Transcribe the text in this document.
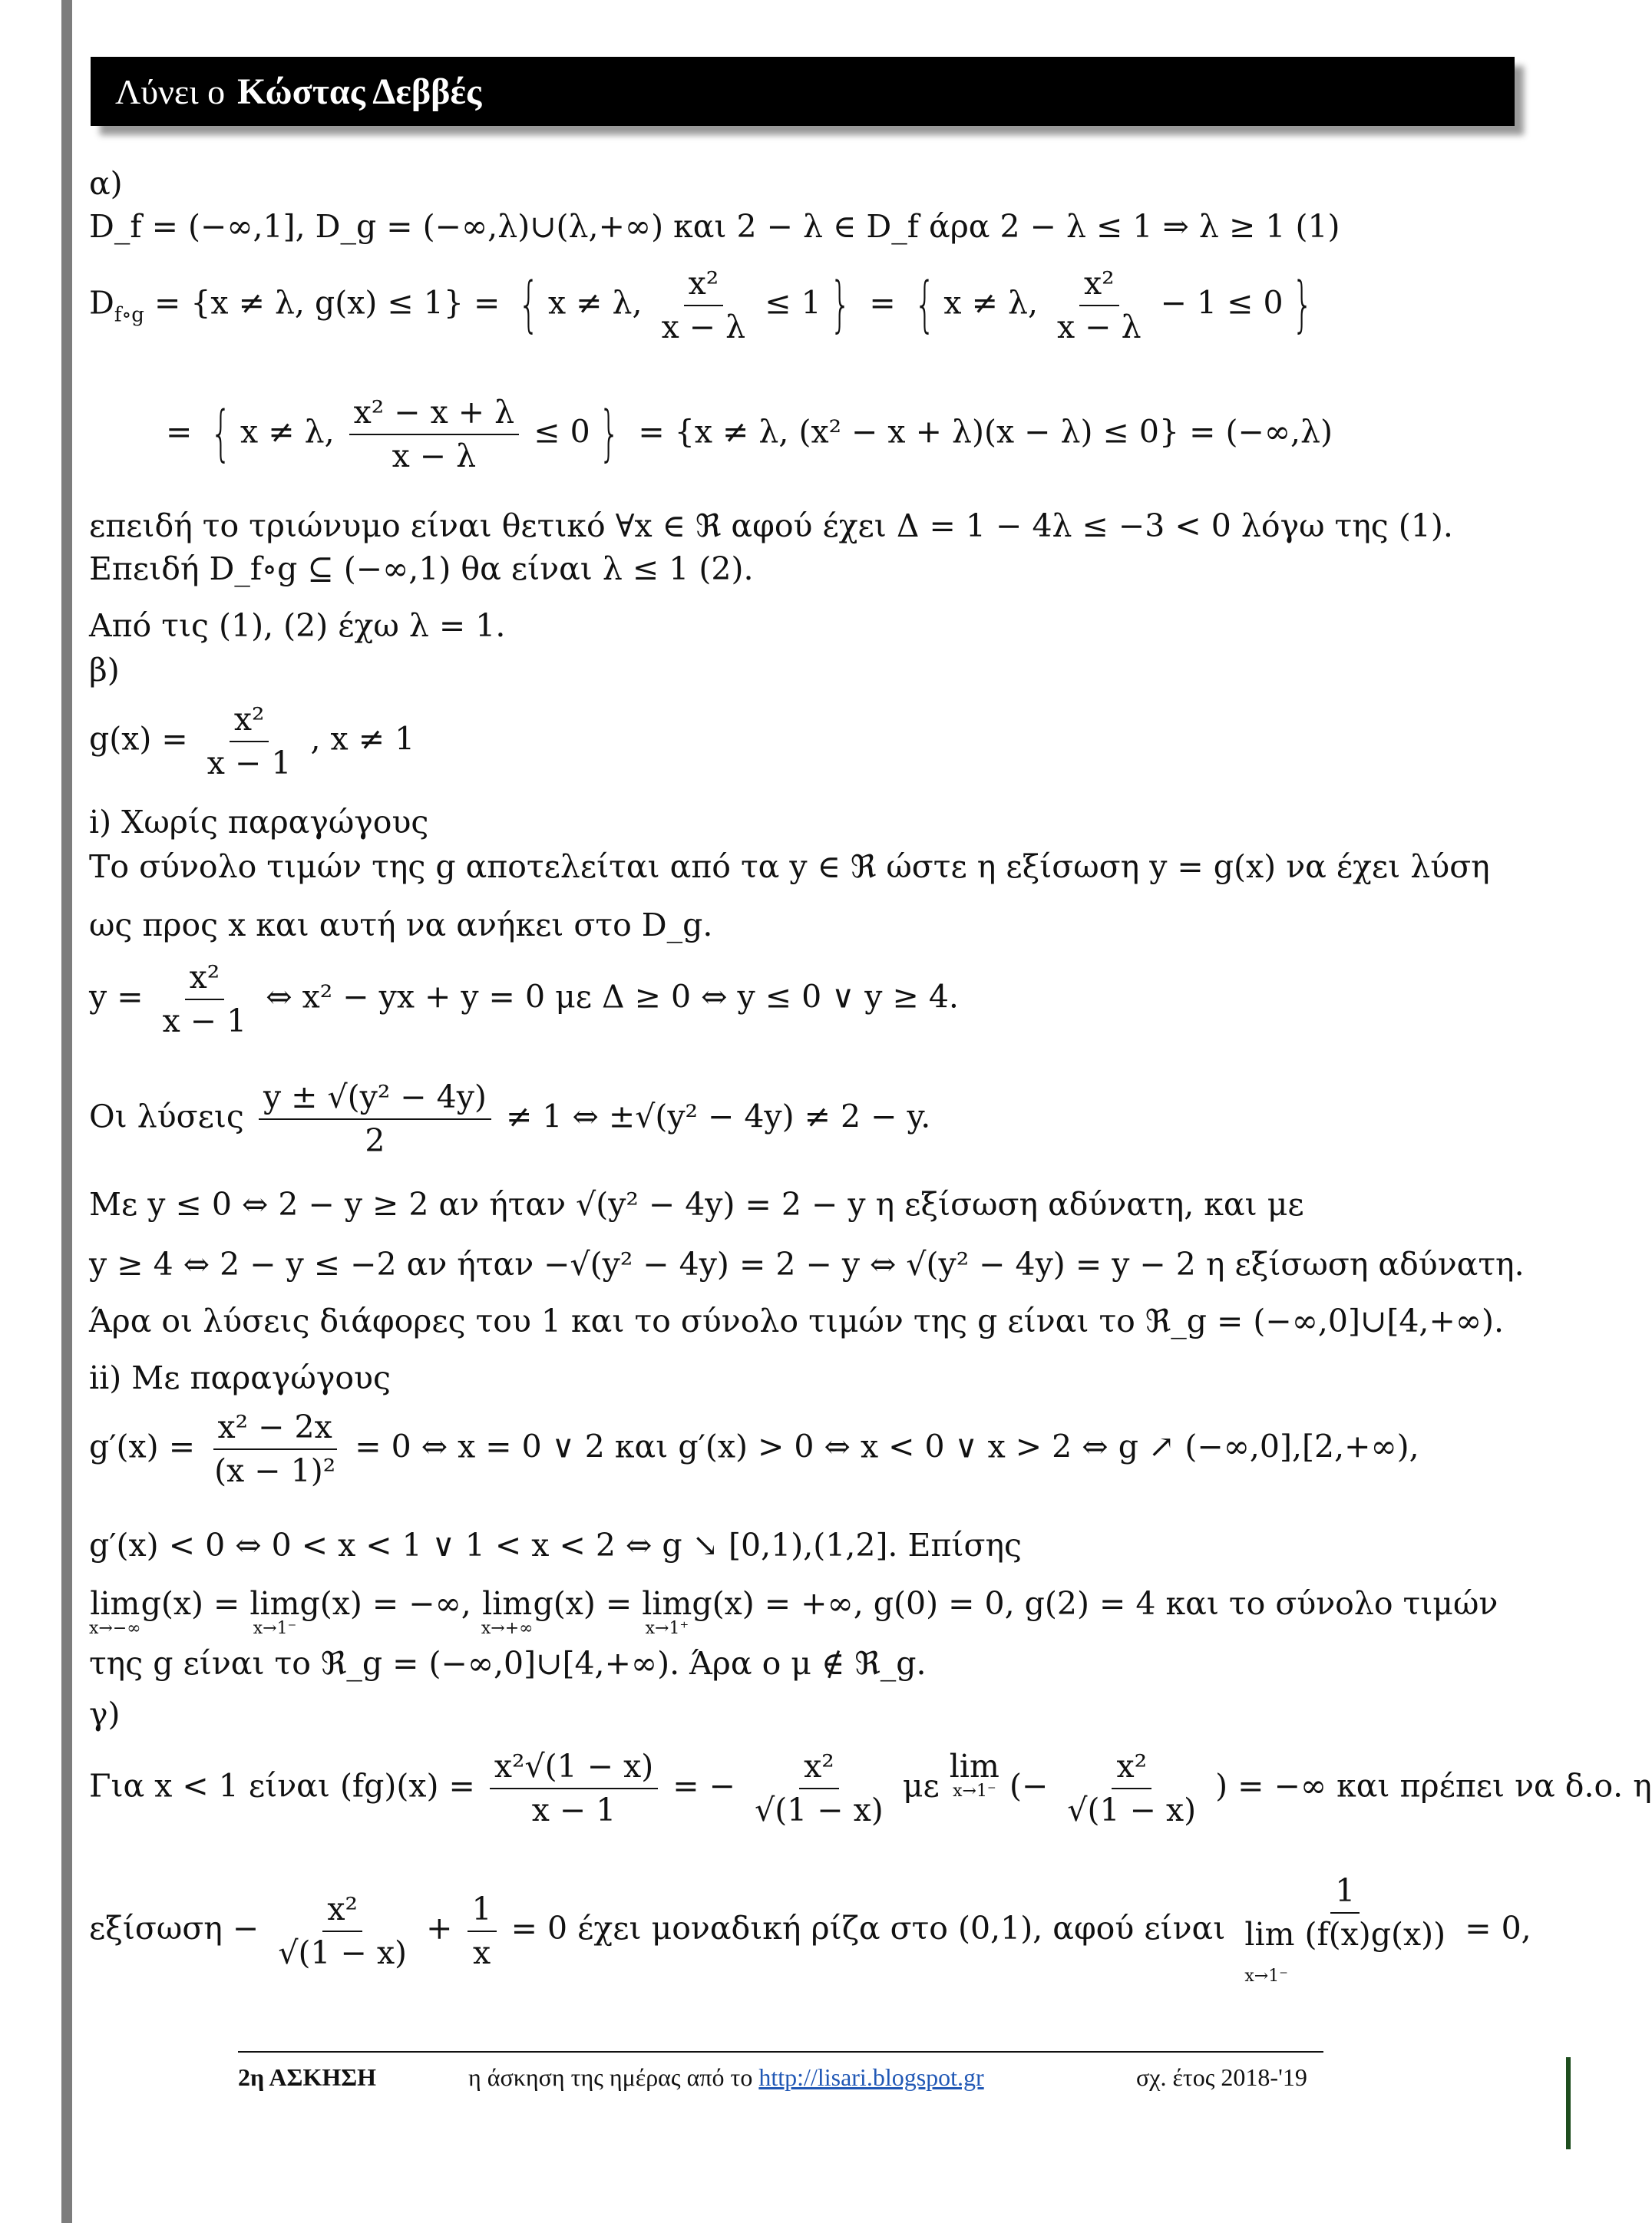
Λύνει ο Κώστας Δεββές
α)
D_f = (−∞,1], D_g = (−∞,λ)∪(λ,+∞) και 2 − λ ∈ D_f άρα 2 − λ ≤ 1 ⇒ λ ≥ 1 (1)
$D_{f\circ g} = \{x \ne \lambda$, g(x) ≤ 1} = { x ≠ λ, $\frac{\text{x²}}{x - \lambda} \le 1$ } = { x ≠ λ, $\frac{\text{x²}}{x - \lambda} - 1 \le 0$ }
= { x ≠ λ, $\frac{\text{x² − x + λ}}{x - \lambda} \le 0$ } = {x ≠ λ, (x² − x + λ)(x − λ) ≤ 0} = (−∞,λ)
επειδή το τριώνυμο είναι θετικό ∀x ∈ ℜ αφού έχει Δ = 1 − 4λ ≤ −3 < 0 λόγω της (1).
Επειδή D_f∘g ⊆ (−∞,1) θα είναι λ ≤ 1 (2).
Από τις (1), (2) έχω λ = 1.
β)
$g(x) = \frac{\text{x²}}{x - 1}$ , x ≠ 1
i) Χωρίς παραγώγους
Το σύνολο τιμών της g αποτελείται από τα y ∈ ℜ ώστε η εξίσωση y = g(x) να έχει λύση
ως προς x και αυτή να ανήκει στο D_g.
$y = \frac{\text{x²}}{x - 1}$ ⇔ x² − yx + y = 0 με Δ ≥ 0 ⇔ y ≤ 0 ∨ y ≥ 4.
Οι λύσεις $\frac{\text{y ± √(y² − 4y)}}{2} \ne 1$ ⇔ ±√(y² − 4y) ≠ 2 − y.
Με y ≤ 0 ⇔ 2 − y ≥ 2 αν ήταν √(y² − 4y) = 2 − y η εξίσωση αδύνατη, και με
y ≥ 4 ⇔ 2 − y ≤ −2 αν ήταν −√(y² − 4y) = 2 − y ⇔ √(y² − 4y) = y − 2 η εξίσωση αδύνατη.
Άρα οι λύσεις διάφορες του 1 και το σύνολο τιμών της g είναι το ℜ_g = (−∞,0]∪[4,+∞).
ii) Με παραγώγους
$g'(x) = \frac{\text{x² − 2x}}{\text{(x − 1)²}} = 0$ ⇔ x = 0 ∨ 2 και g′(x) > 0 ⇔ x < 0 ∨ x > 2 ⇔ g ↗ (−∞,0],[2,+∞),
g′(x) < 0 ⇔ 0 < x < 1 ∨ 1 < x < 2 ⇔ g ↘ [0,1),(1,2]. Επίσης
lim
x→−∞
g(x) = lim
x→1⁻
g(x) = −∞, lim
x→+∞
g(x) = lim
x→1⁺
g(x) = +∞, g(0) = 0, g(2) = 4 και το σύνολο τιμών
της g είναι το ℜ_g = (−∞,0]∪[4,+∞). Άρα ο μ ∉ ℜ_g.
γ)
Για x < 1 είναι $(fg)(x) = \frac{\text{x²√(1 − x)}}{x - 1}$ = − $\frac{\text{x²}}{√(1 - x)}$ με
lim
x→1⁻ (− $\frac{\text{x²}}{√(1 - x)}$ ) = −∞ και πρέπει να δ.ο. η
$\varepsilon\xi ί\sigma\omega\sigma\eta - \frac{\text{x²}}{√(1 - x)} + \frac{1}{x} = 0$ έχει μοναδική ρίζα στο (0,1), αφού είναι
1
lim (f(x)g(x))
x→1⁻
= 0,
2η ΑΣΚΗΣΗ	η άσκηση της ημέρας από το http://lisari.blogspot.gr	σχ. έτος 2018-'19
